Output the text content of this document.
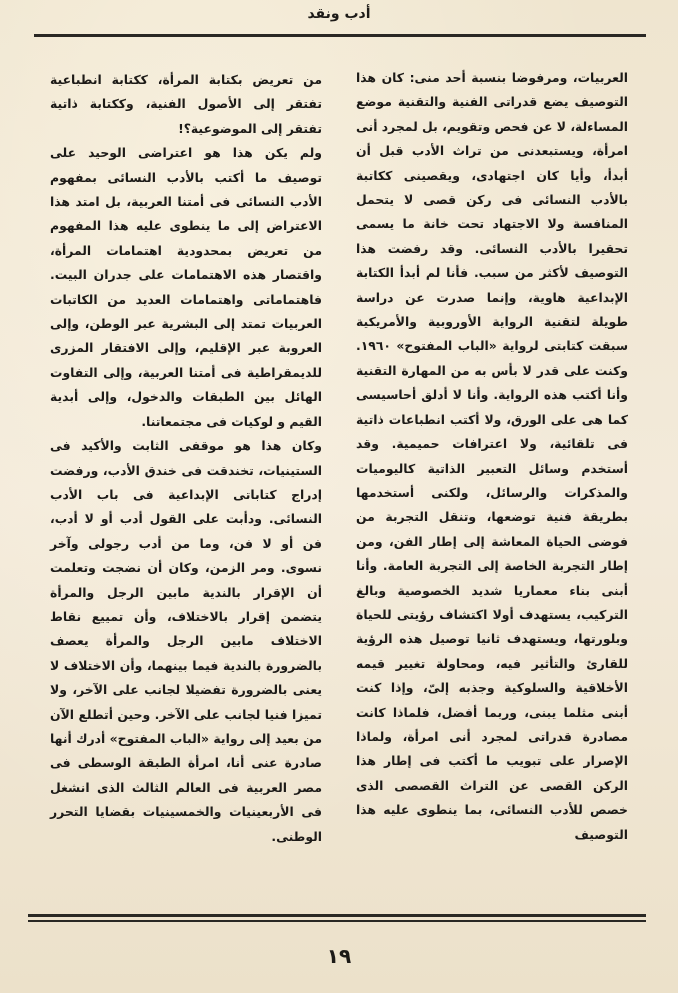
أدب ونقد

العربيات، ومرفوضا بنسبة أحد منى: كان هذا التوصيف يضع قدراتى الفنية والتقنية موضع المساءلة، لا عن فحص وتقويم، بل لمجرد أنى امرأة، ويستبعدنى من تراث الأدب قبل أن أبدأ، وأيا كان اجتهادى، ويقصينى ككاتبة بالأدب النسائى فى ركن قصى لا يتحمل المنافسة ولا الاجتهاد تحت خانة ما يسمى تحقيرا بالأدب النسائى. وقد رفضت هذا التوصيف لأكثر من سبب. فأنا لم أبدأ الكتابة الإبداعية هاوية، وإنما صدرت عن دراسة طويلة لتقنية الرواية الأوروبية والأمريكية سبقت كتابتى لرواية «الباب المفتوح» ١٩٦٠. وكنت على قدر لا بأس به من المهارة التقنية وأنا أكتب هذه الرواية. وأنا لا أدلق أحاسيسى كما هى على الورق، ولا أكتب انطباعات ذاتية فى تلقائية، ولا اعترافات حميمية. وقد أستخدم وسائل التعبير الذاتية كاليوميات والمذكرات والرسائل، ولكنى أستخدمها بطريقة فنية توضعها، وتنقل التجربة من فوضى الحياة المعاشة إلى إطار الفن، ومن إطار التجربة الخاصة إلى التجربة العامة. وأنا أبنى بناء معماريا شديد الخصوصية وبالغ التركيب، يستهدف أولا اكتشاف رؤيتى للحياة وبلورتها، ويستهدف ثانيا توصيل هذه الرؤية للقارئ والتأثير فيه، ومحاولة تغيير قيمه الأخلاقية والسلوكية وجذبه إلىّ، وإذا كنت أبنى مثلما يبنى، وربما أفضل، فلماذا كانت مصادرة قدراتى لمجرد أنى امرأة، ولماذا الإصرار على تبويب ما أكتب فى إطار هذا الركن القصى عن التراث القصصى الذى خصص للأدب النسائى، بما ينطوى عليه هذا التوصيف

من تعريض بكتابة المرأة، ككتابة انطباعية تفتقر إلى الأصول الفنية، وككتابة ذاتية تفتقر إلى الموضوعية؟!

ولم يكن هذا هو اعتراضى الوحيد على توصيف ما أكتب بالأدب النسائى بمفهوم الأدب النسائى فى أمتنا العربية، بل امتد هذا الاعتراض إلى ما ينطوى عليه هذا المفهوم من تعريض بمحدودية اهتمامات المرأة، واقتصار هذه الاهتمامات على جدران البيت. فاهتماماتى واهتمامات العديد من الكاتبات العربيات تمتد إلى البشرية عبر الوطن، وإلى العروبة عبر الإقليم، وإلى الافتقار المزرى للديمقراطية فى أمتنا العربية، وإلى التفاوت الهائل بين الطبقات والدخول، وإلى أبدية القيم و لوكيات فى مجتمعاتنا.

وكان هذا هو موقفى الثابت والأكيد فى الستينيات، تخندقت فى خندق الأدب، ورفضت إدراج كتاباتى الإبداعية فى باب الأدب النسائى. ودأبت على القول أدب أو لا أدب، فن أو لا فن، وما من أدب رجولى وآخر نسوى. ومر الزمن، وكان أن نضجت وتعلمت أن الإقرار بالندية مابين الرجل والمرأة يتضمن إقرار بالاختلاف، وأن تمييع نقاط الاختلاف مابين الرجل والمرأة يعصف بالضرورة بالندية فيما بينهما، وأن الاختلاف لا يعنى بالضرورة تفضيلا لجانب على الآخر، ولا تميزا فنيا لجانب على الآخر. وحين أتطلع الآن من بعيد إلى رواية «الباب المفتوح» أدرك أنها صادرة عنى أنا، امرأة الطبقة الوسطى فى مصر العربية فى العالم الثالث الذى انشغل فى الأربعينيات والخمسينيات بقضايا التحرر الوطنى.

١٩
